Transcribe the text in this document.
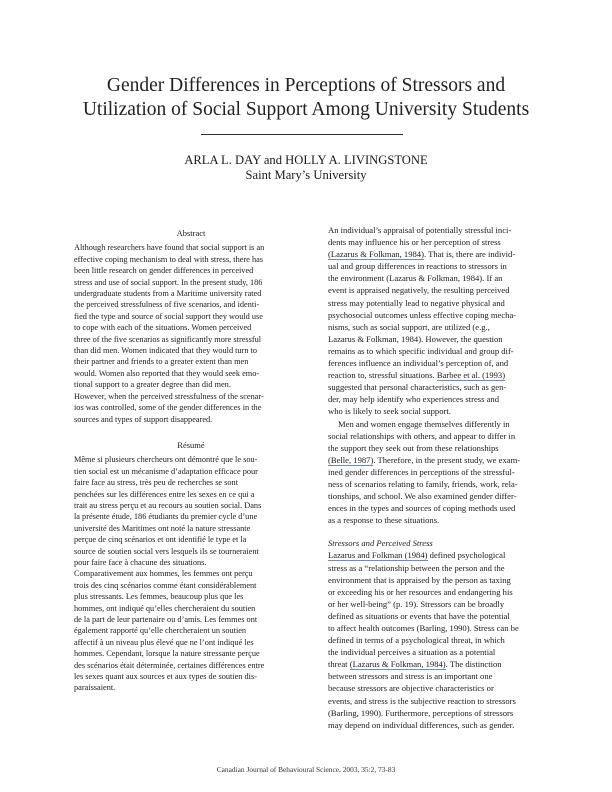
Gender Differences in Perceptions of Stressors and
Utilization of Social Support Among University Students
ARLA L. DAY and HOLLY A. LIVINGSTONE
Saint Mary’s University

Abstract

Although researchers have found that social support is an

effective coping mechanism to deal with stress, there has

been little research on gender differences in perceived

stress and use of social support. In the present study, 186

undergraduate students from a Maritime university rated

the perceived stressfulness of five scenarios, and identi-

fied the type and source of social support they would use

to cope with each of the situations. Women perceived

three of the five scenarios as significantly more stressful

than did men. Women indicated that they would turn to

their partner and friends to a greater extent than men

would. Women also reported that they would seek emo-

tional support to a greater degree than did men.

However, when the perceived stressfulness of the scenar-

ios was controlled, some of the gender differences in the

sources and types of support disappeared.

Résumé

Même si plusieurs chercheurs ont démontré que le sou-

tien social est un mécanisme d’adaptation efficace pour

faire face au stress, très peu de recherches se sont

penchées sur les différences entre les sexes en ce qui a

trait au stress perçu et au recours au soutien social. Dans

la présente étude, 186 étudiants du premier cycle d’une

université des Maritimes ont noté la nature stressante

perçue de cinq scénarios et ont identifié le type et la

source de soutien social vers lesquels ils se tourneraient

pour faire face à chacune des situations.

Comparativement aux hommes, les femmes ont perçu

trois des cinq scénarios comme étant considérablement

plus stressants. Les femmes, beaucoup plus que les

hommes, ont indiqué qu’elles chercheraient du soutien

de la part de leur partenaire ou d’amis. Les femmes ont

également rapporté qu’elle chercheraient un soutien

affectif à un niveau plus élevé que ne l’ont indiqué les

hommes. Cependant, lorsque la nature stressante perçue

des scénarios était déterminée, certaines différences entre

les sexes quant aux sources et aux types de soutien dis-

paraissaient.

An individual’s appraisal of potentially stressful inci-

dents may influence his or her perception of stress

(Lazarus & Folkman, 1984). That is, there are individ-

ual and group differences in reactions to stressors in

the environment (Lazarus & Folkman, 1984). If an

event is appraised negatively, the resulting perceived

stress may potentially lead to negative physical and

psychosocial outcomes unless effective coping mecha-

nisms, such as social support, are utilized (e.g.,

Lazarus & Folkman, 1984). However, the question

remains as to which specific individual and group dif-

ferences influence an individual’s perception of, and

reaction to, stressful situations. Barbee et al. (1993)

suggested that personal characteristics, such as gen-

der, may help identify who experiences stress and

who is likely to seek social support.

Men and women engage themselves differently in

social relationships with others, and appear to differ in

the support they seek out from these relationships

(Belle, 1987). Therefore, in the present study, we exam-

ined gender differences in perceptions of the stressful-

ness of scenarios relating to family, friends, work, rela-

tionships, and school. We also examined gender differ-

ences in the types and sources of coping methods used

as a response to these situations.

Stressors and Perceived Stress

Lazarus and Folkman (1984) defined psychological

stress as a “relationship between the person and the

environment that is appraised by the person as taxing

or exceeding his or her resources and endangering his

or her well-being” (p. 19). Stressors can be broadly

defined as situations or events that have the potential

to affect health outcomes (Barling, 1990). Stress can be

defined in terms of a psychological threat, in which

the individual perceives a situation as a potential

threat (Lazarus & Folkman, 1984). The distinction

between stressors and stress is an important one

because stressors are objective characteristics or

events, and stress is the subjective reaction to stressors

(Barling, 1990). Furthermore, perceptions of stressors

may depend on individual differences, such as gender.

Canadian Journal of Behavioural Science, 2003, 35:2, 73-83
